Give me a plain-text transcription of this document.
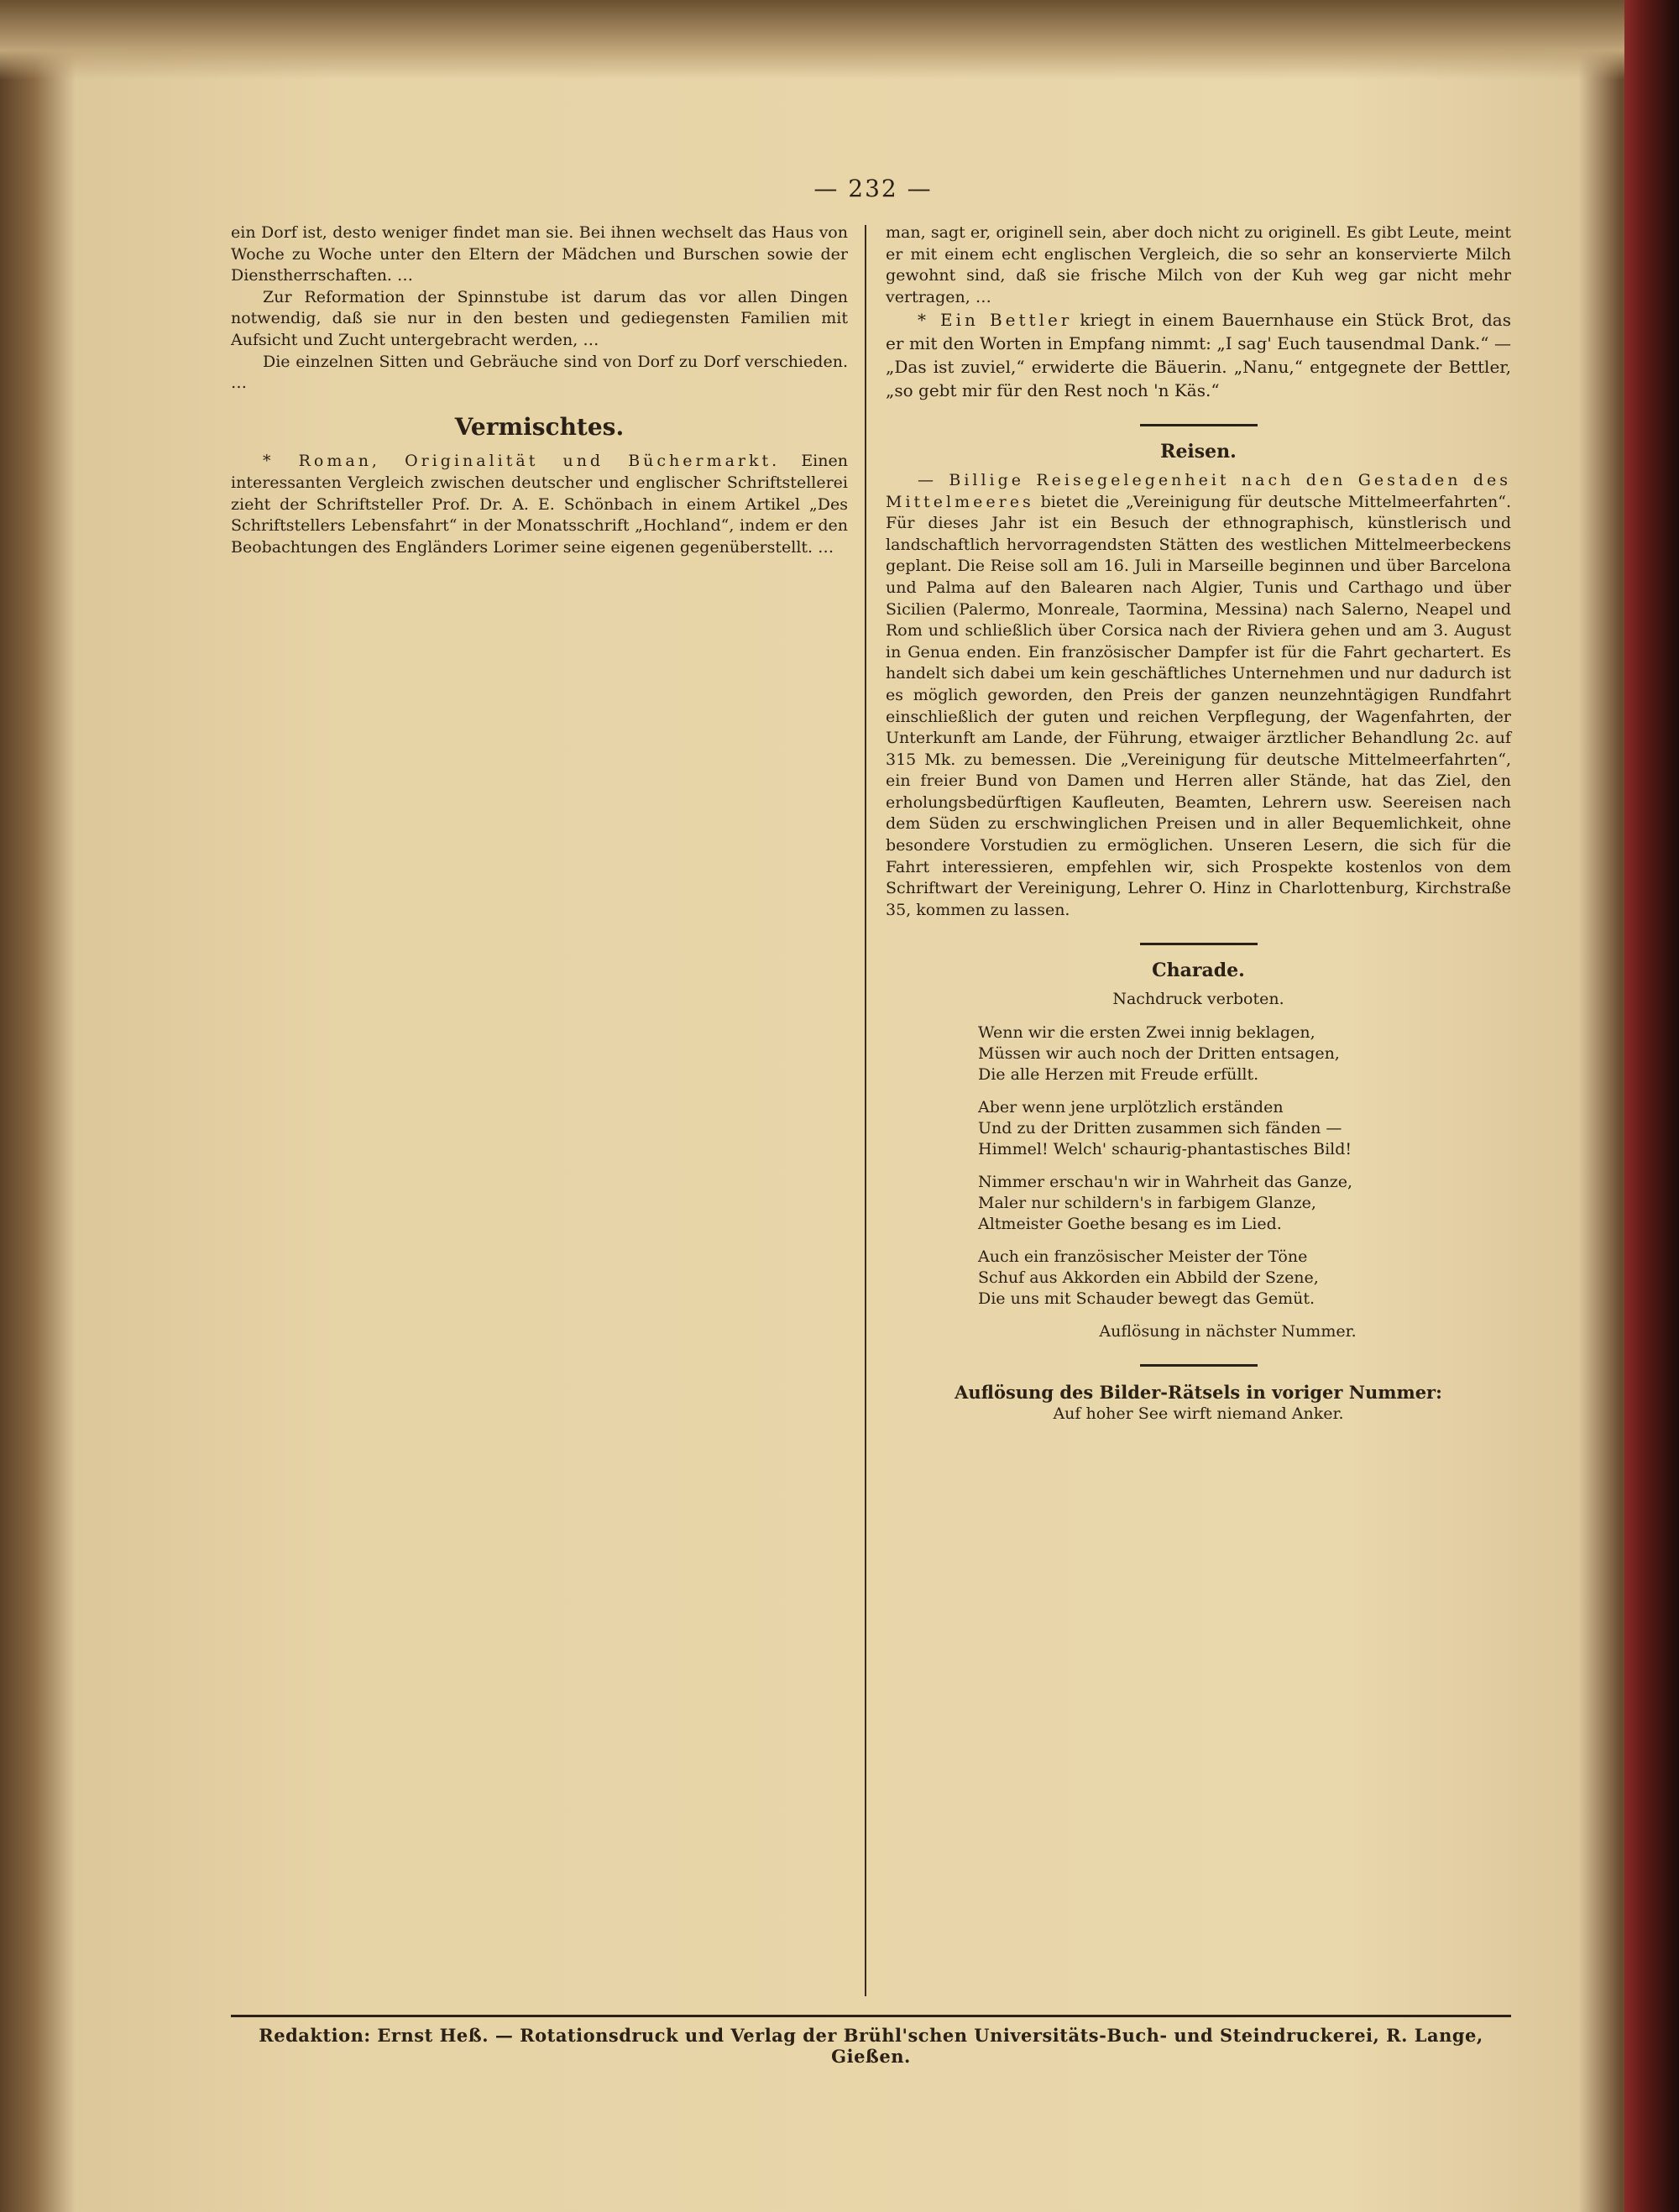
— 232 —

ein Dorf ist, desto weniger findet man sie. Bei ihnen wechselt das Haus von Woche zu Woche unter den Eltern der Mädchen und Burschen sowie der Dienstherrschaften. …

Zur Reformation der Spinnstube ist darum das vor allen Dingen notwendig, daß sie nur in den besten und gediegensten Familien mit Aufsicht und Zucht untergebracht werden, …

Die einzelnen Sitten und Gebräuche sind von Dorf zu Dorf verschieden. …

Vermischtes.

* Roman, Originalität und Büchermarkt. Einen interessanten Vergleich zwischen deutscher und englischer Schriftstellerei zieht der Schriftsteller Prof. Dr. A. E. Schönbach in einem Artikel „Des Schriftstellers Lebensfahrt“ in der Monatsschrift „Hochland“, indem er den Beobachtungen des Engländers Lorimer seine eigenen gegenüberstellt. …

man, sagt er, originell sein, aber doch nicht zu originell. Es gibt Leute, meint er mit einem echt englischen Vergleich, die so sehr an konservierte Milch gewohnt sind, daß sie frische Milch von der Kuh weg gar nicht mehr vertragen, …

* Ein Bettler kriegt in einem Bauernhause ein Stück Brot, das er mit den Worten in Empfang nimmt: „I sag' Euch tausendmal Dank.“ — „Das ist zuviel,“ erwiderte die Bäuerin. „Nanu,“ entgegnete der Bettler, „so gebt mir für den Rest noch 'n Käs.“

Reisen.

— Billige Reisegelegenheit nach den Gestaden des Mittelmeeres bietet die „Vereinigung für deutsche Mittelmeerfahrten“. Für dieses Jahr ist ein Besuch der ethnographisch, künstlerisch und landschaftlich hervorragendsten Stätten des westlichen Mittelmeerbeckens geplant. Die Reise soll am 16. Juli in Marseille beginnen und über Barcelona und Palma auf den Balearen nach Algier, Tunis und Carthago und über Sicilien (Palermo, Monreale, Taormina, Messina) nach Salerno, Neapel und Rom und schließlich über Corsica nach der Riviera gehen und am 3. August in Genua enden. Ein französischer Dampfer ist für die Fahrt gechartert. Es handelt sich dabei um kein geschäftliches Unternehmen und nur dadurch ist es möglich geworden, den Preis der ganzen neunzehntägigen Rundfahrt einschließlich der guten und reichen Verpflegung, der Wagenfahrten, der Unterkunft am Lande, der Führung, etwaiger ärztlicher Behandlung 2c. auf 315 Mk. zu bemessen. Die „Vereinigung für deutsche Mittelmeerfahrten“, ein freier Bund von Damen und Herren aller Stände, hat das Ziel, den erholungsbedürftigen Kaufleuten, Beamten, Lehrern usw. Seereisen nach dem Süden zu erschwinglichen Preisen und in aller Bequemlichkeit, ohne besondere Vorstudien zu ermöglichen. Unseren Lesern, die sich für die Fahrt interessieren, empfehlen wir, sich Prospekte kostenlos von dem Schriftwart der Vereinigung, Lehrer O. Hinz in Charlottenburg, Kirchstraße 35, kommen zu lassen.

Charade.
Nachdruck verboten.
Wenn wir die ersten Zwei innig beklagen,
Müssen wir auch noch der Dritten entsagen,
Die alle Herzen mit Freude erfüllt.
Aber wenn jene urplötzlich erständen
Und zu der Dritten zusammen sich fänden —
Himmel! Welch' schaurig-phantastisches Bild!
Nimmer erschau'n wir in Wahrheit das Ganze,
Maler nur schildern's in farbigem Glanze,
Altmeister Goethe besang es im Lied.
Auch ein französischer Meister der Töne
Schuf aus Akkorden ein Abbild der Szene,
Die uns mit Schauder bewegt das Gemüt.
Auflösung in nächster Nummer.
Auflösung des Bilder-Rätsels in voriger Nummer:
Auf hoher See wirft niemand Anker.
Redaktion: Ernst Heß. — Rotationsdruck und Verlag der Brühl'schen Universitäts-Buch- und Steindruckerei, R. Lange, Gießen.
